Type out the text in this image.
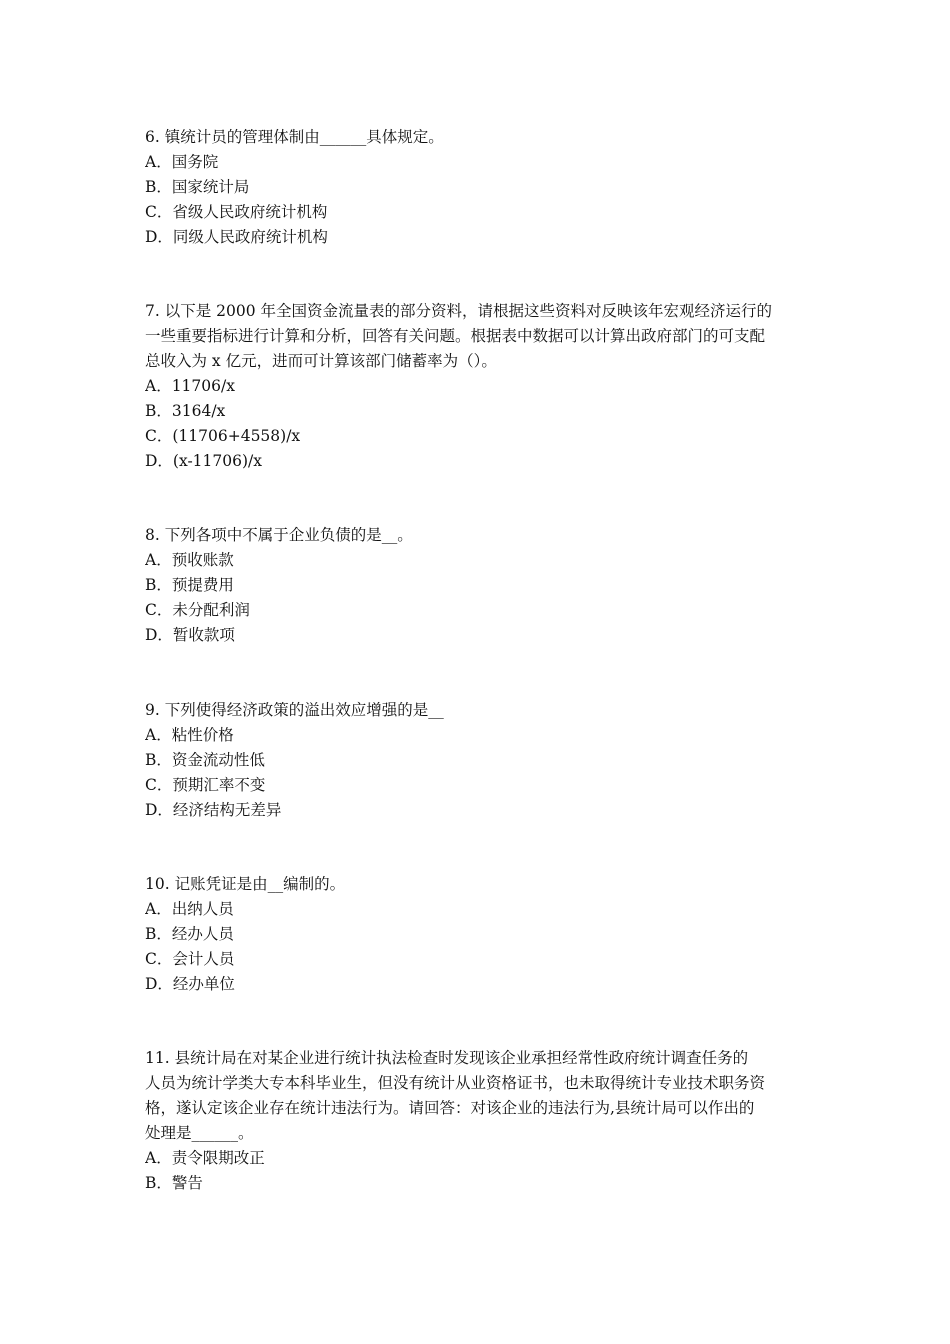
6. 镇统计员的管理体制由______具体规定。
A．国务院
B．国家统计局
C．省级人民政府统计机构
D．同级人民政府统计机构
7. 以下是 2000 年全国资金流量表的部分资料，请根据这些资料对反映该年宏观经济运行的
一些重要指标进行计算和分析，回答有关问题。根据表中数据可以计算出政府部门的可支配
总收入为 x 亿元，进而可计算该部门储蓄率为（）。
A．11706/x
B．3164/x
C．(11706+4558)/x
D．(x-11706)/x
8. 下列各项中不属于企业负债的是__。
A．预收账款
B．预提费用
C．未分配利润
D．暂收款项
9. 下列使得经济政策的溢出效应增强的是__
A．粘性价格
B．资金流动性低
C．预期汇率不变
D．经济结构无差异
10. 记账凭证是由__编制的。
A．出纳人员
B．经办人员
C．会计人员
D．经办单位
11. 县统计局在对某企业进行统计执法检查时发现该企业承担经常性政府统计调查任务的
人员为统计学类大专本科毕业生，但没有统计从业资格证书，也未取得统计专业技术职务资
格，遂认定该企业存在统计违法行为。请回答：对该企业的违法行为,县统计局可以作出的
处理是______。
A．责令限期改正
B．警告
